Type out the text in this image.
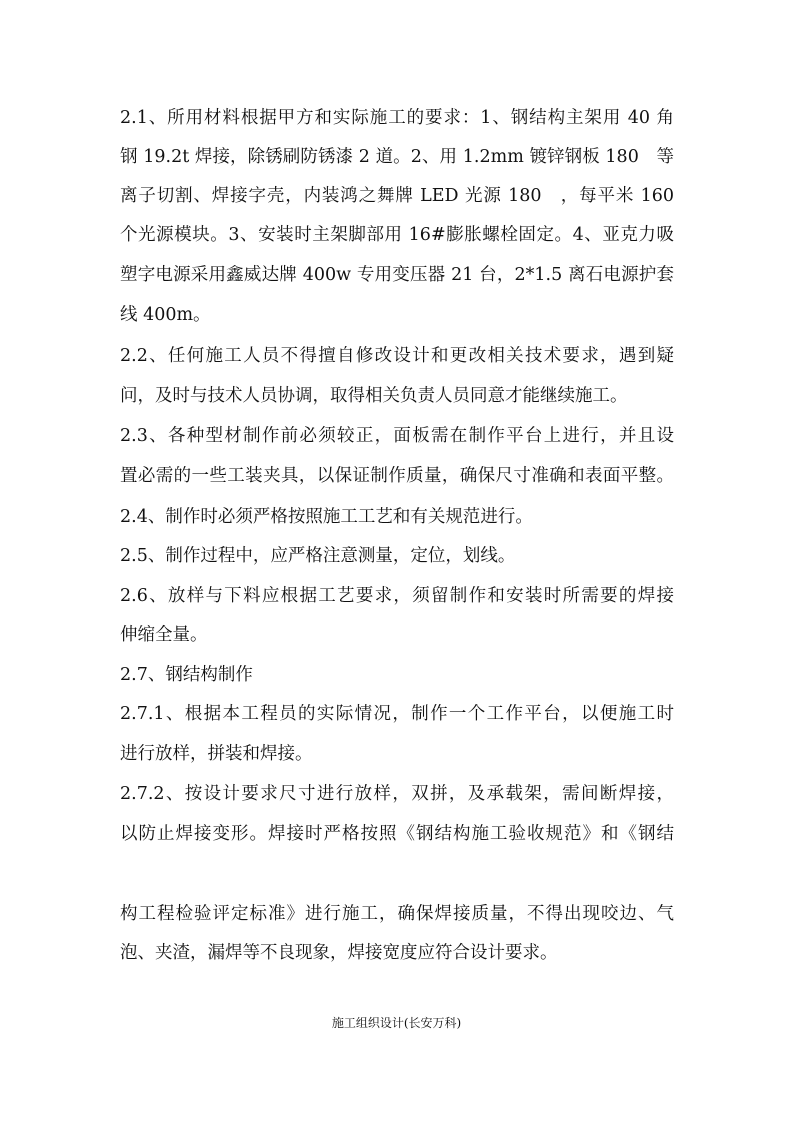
2.1、所用材料根据甲方和实际施工的要求：1、钢结构主架用 40 角
钢 19.2t 焊接，除锈刷防锈漆 2 道。2、用 1.2mm 镀锌钢板 180　等
离子切割、焊接字壳，内装鸿之舞牌 LED 光源 180　，每平米 160
个光源模块。3、安装时主架脚部用 16#膨胀螺栓固定。4、亚克力吸
塑字电源采用鑫威达牌 400w 专用变压器 21 台，2*1.5 离石电源护套
线 400m。
2.2、任何施工人员不得擅自修改设计和更改相关技术要求，遇到疑
问，及时与技术人员协调，取得相关负责人员同意才能继续施工。
2.3、各种型材制作前必须较正，面板需在制作平台上进行，并且设
置必需的一些工装夹具，以保证制作质量，确保尺寸准确和表面平整。
2.4、制作时必须严格按照施工工艺和有关规范进行。
2.5、制作过程中，应严格注意测量，定位，划线。
2.6、放样与下料应根据工艺要求，须留制作和安装时所需要的焊接
伸缩全量。
2.7、钢结构制作
2.7.1、根据本工程员的实际情况，制作一个工作平台，以便施工时
进行放样，拼装和焊接。
2.7.2、按设计要求尺寸进行放样，双拼，及承载架，需间断焊接，
以防止焊接变形。焊接时严格按照《钢结构施工验收规范》和《钢结
构工程检验评定标准》进行施工，确保焊接质量，不得出现咬边、气
泡、夹渣，漏焊等不良现象，焊接宽度应符合设计要求。
施工组织设计(长安万科)
